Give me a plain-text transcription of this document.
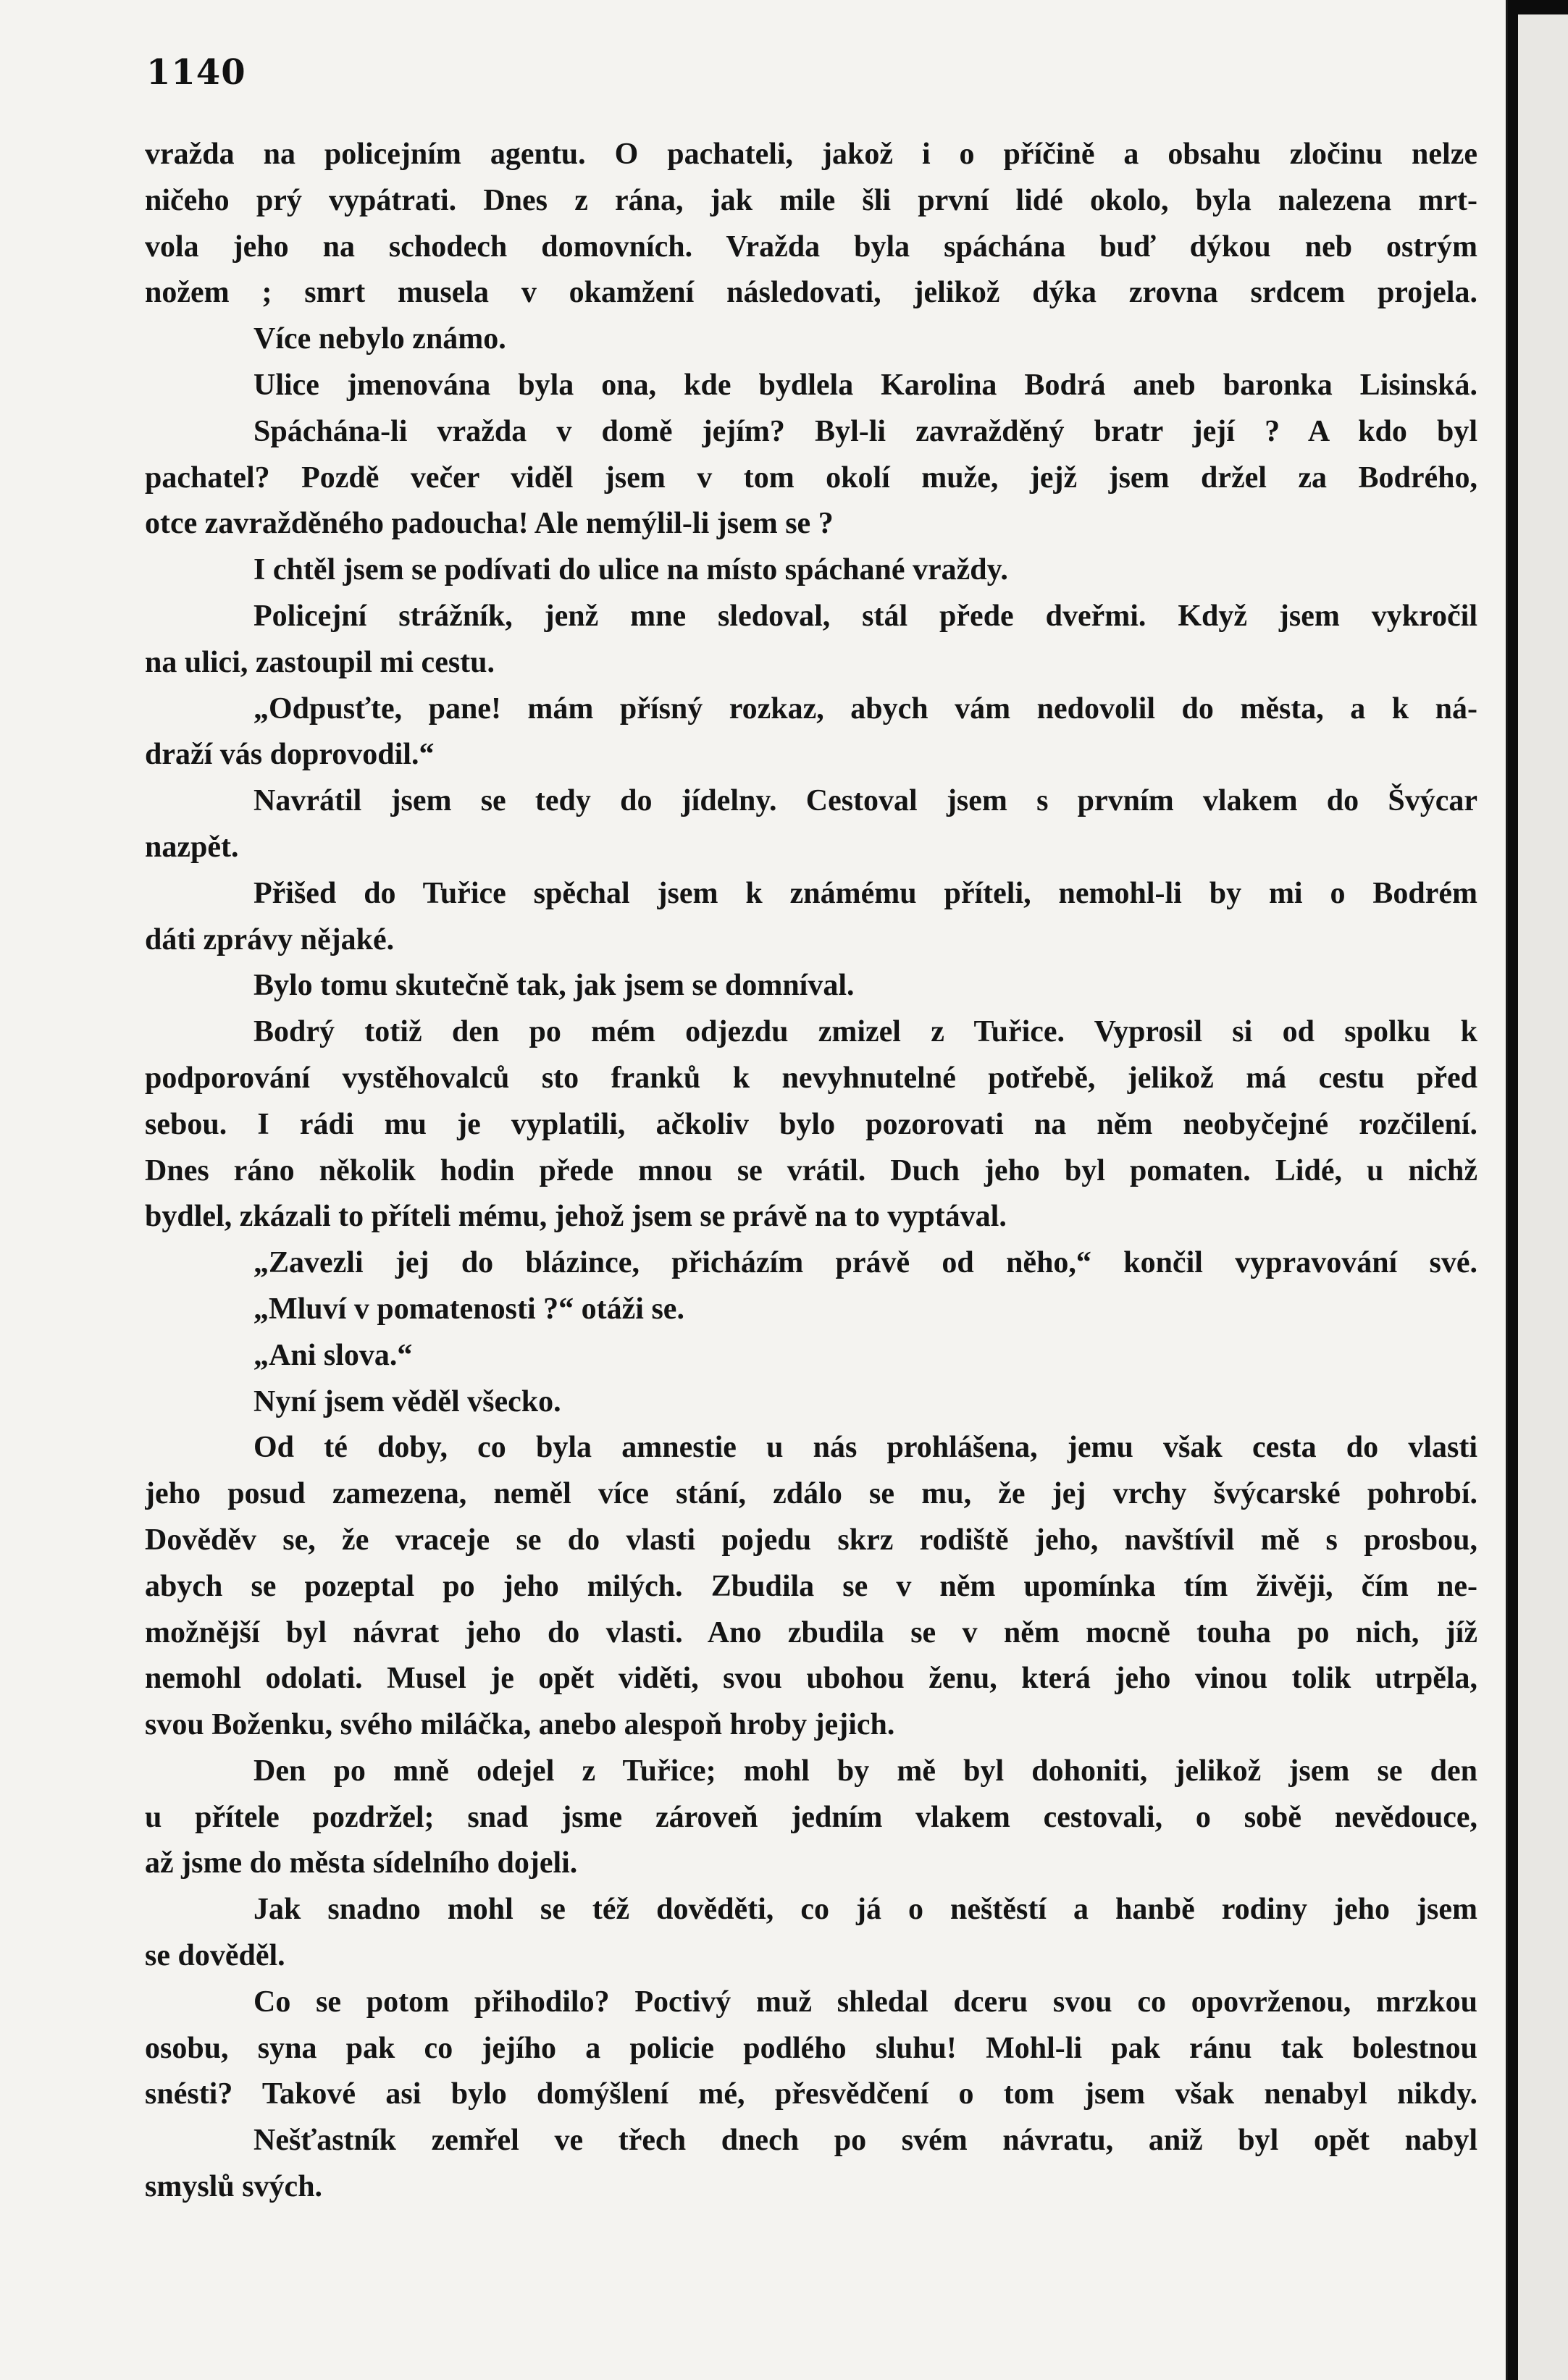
1140
vražda na policejním agentu. O pachateli, jakož i o příčině a obsahu zločinu nelze
ničeho prý vypátrati. Dnes z rána, jak mile šli první lidé okolo, byla nalezena mrt-
vola jeho na schodech domovních. Vražda byla spáchána buď dýkou neb ostrým
nožem ; smrt musela v okamžení následovati, jelikož dýka zrovna srdcem projela.
Více nebylo známo.
Ulice jmenována byla ona, kde bydlela Karolina Bodrá aneb baronka Lisinská.
Spáchána-li vražda v domě jejím? Byl-li zavražděný bratr její ? A kdo byl
pachatel? Pozdě večer viděl jsem v tom okolí muže, jejž jsem držel za Bodrého,
otce zavražděného padoucha! Ale nemýlil-li jsem se ?
I chtěl jsem se podívati do ulice na místo spáchané vraždy.
Policejní strážník, jenž mne sledoval, stál přede dveřmi. Když jsem vykročil
na ulici, zastoupil mi cestu.
„Odpusťte, pane! mám přísný rozkaz, abych vám nedovolil do města, a k ná-
draží vás doprovodil.“
Navrátil jsem se tedy do jídelny. Cestoval jsem s prvním vlakem do Švýcar
nazpět.
Přišed do Tuřice spěchal jsem k známému příteli, nemohl-li by mi o Bodrém
dáti zprávy nějaké.
Bylo tomu skutečně tak, jak jsem se domníval.
Bodrý totiž den po mém odjezdu zmizel z Tuřice. Vyprosil si od spolku k
podporování vystěhovalců sto franků k nevyhnutelné potřebě, jelikož má cestu před
sebou. I rádi mu je vyplatili, ačkoliv bylo pozorovati na něm neobyčejné rozčilení.
Dnes ráno několik hodin přede mnou se vrátil. Duch jeho byl pomaten. Lidé, u nichž
bydlel, zkázali to příteli mému, jehož jsem se právě na to vyptával.
„Zavezli jej do blázince, přicházím právě od něho,“ končil vypravování své.
„Mluví v pomatenosti ?“ otáži se.
„Ani slova.“
Nyní jsem věděl všecko.
Od té doby, co byla amnestie u nás prohlášena, jemu však cesta do vlasti
jeho posud zamezena, neměl více stání, zdálo se mu, že jej vrchy švýcarské pohrobí.
Dověděv se, že vraceje se do vlasti pojedu skrz rodiště jeho, navštívil mě s prosbou,
abych se pozeptal po jeho milých. Zbudila se v něm upomínka tím živěji, čím ne-
možnější byl návrat jeho do vlasti. Ano zbudila se v něm mocně touha po nich, jíž
nemohl odolati. Musel je opět viděti, svou ubohou ženu, která jeho vinou tolik utrpěla,
svou Boženku, svého miláčka, anebo alespoň hroby jejich.
Den po mně odejel z Tuřice; mohl by mě byl dohoniti, jelikož jsem se den
u přítele pozdržel; snad jsme zároveň jedním vlakem cestovali, o sobě nevědouce,
až jsme do města sídelního dojeli.
Jak snadno mohl se též dověděti, co já o neštěstí a hanbě rodiny jeho jsem
se dověděl.
Co se potom přihodilo? Poctivý muž shledal dceru svou co opovrženou, mrzkou
osobu, syna pak co jejího a policie podlého sluhu! Mohl-li pak ránu tak bolestnou
snésti? Takové asi bylo domýšlení mé, přesvědčení o tom jsem však nenabyl nikdy.
Nešťastník zemřel ve třech dnech po svém návratu, aniž byl opět nabyl
smyslů svých.
